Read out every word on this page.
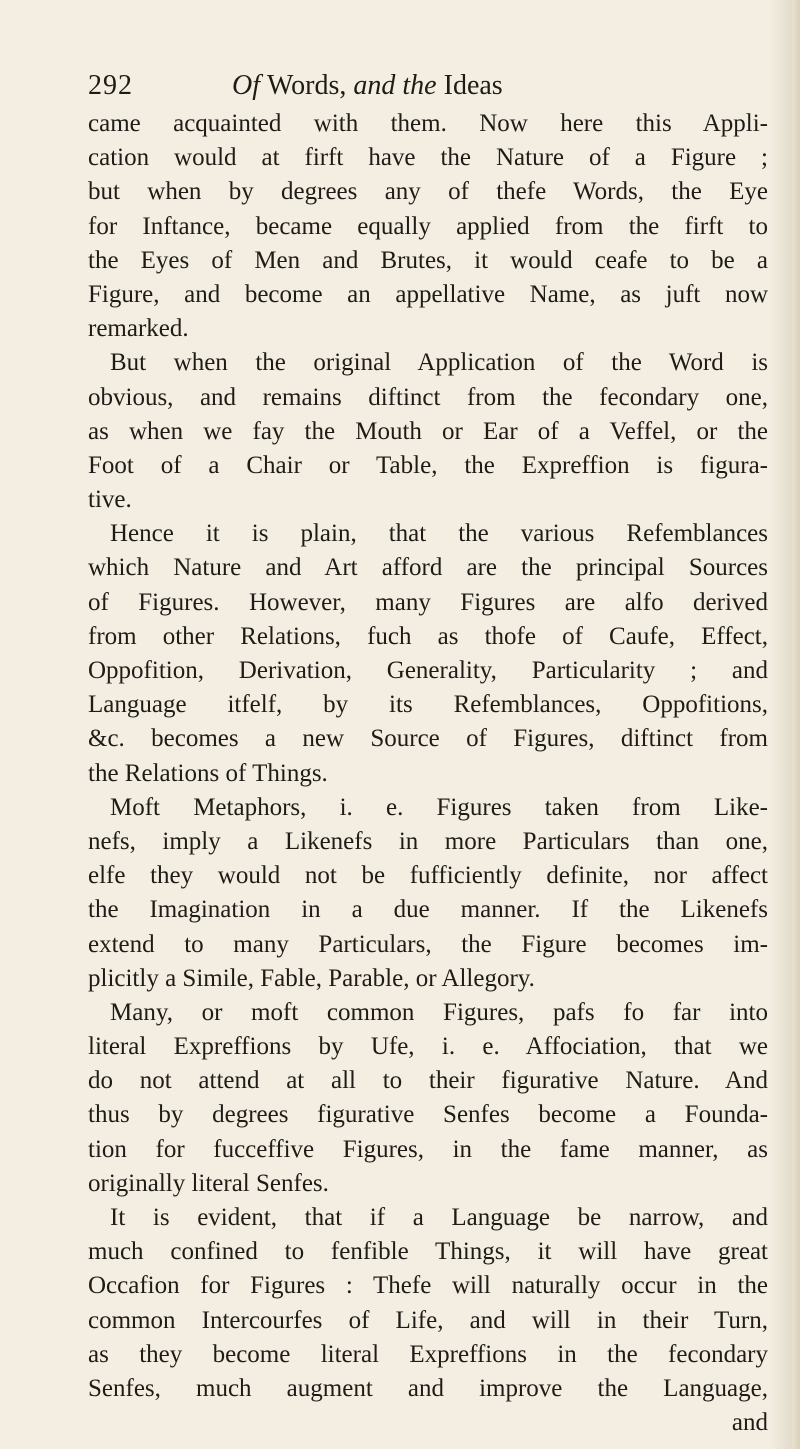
292	Of Words, and the Ideas
came acquainted with them. Now here this Appli-
cation would at firft have the Nature of a Figure ;
but when by degrees any of thefe Words, the Eye
for Inftance, became equally applied from the firft to
the Eyes of Men and Brutes, it would ceafe to be a
Figure, and become an appellative Name, as juft now
remarked.
But when the original Application of the Word is
obvious, and remains diftinct from the fecondary one,
as when we fay the Mouth or Ear of a Veffel, or the
Foot of a Chair or Table, the Expreffion is figura-
tive.
Hence it is plain, that the various Refemblances
which Nature and Art afford are the principal Sources
of Figures. However, many Figures are alfo derived
from other Relations, fuch as thofe of Caufe, Effect,
Oppofition, Derivation, Generality, Particularity ; and
Language itfelf, by its Refemblances, Oppofitions,
&c. becomes a new Source of Figures, diftinct from
the Relations of Things.
Moft Metaphors, i. e. Figures taken from Like-
nefs, imply a Likenefs in more Particulars than one,
elfe they would not be fufficiently definite, nor affect
the Imagination in a due manner. If the Likenefs
extend to many Particulars, the Figure becomes im-
plicitly a Simile, Fable, Parable, or Allegory.
Many, or moft common Figures, pafs fo far into
literal Expreffions by Ufe, i. e. Affociation, that we
do not attend at all to their figurative Nature. And
thus by degrees figurative Senfes become a Founda-
tion for fucceffive Figures, in the fame manner, as
originally literal Senfes.
It is evident, that if a Language be narrow, and
much confined to fenfible Things, it will have great
Occafion for Figures : Thefe will naturally occur in the
common Intercourfes of Life, and will in their Turn,
as they become literal Expreffions in the fecondary
Senfes, much augment and improve the Language,
and
